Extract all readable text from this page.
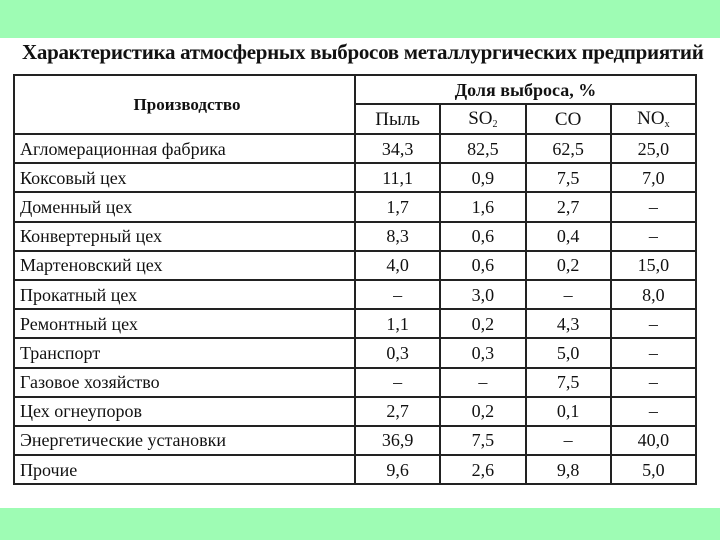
Характеристика атмосферных выбросов металлургических предприятий
Производство	Доля выброса, %			
	Пыль	$SO_2$	CO	$NO_x$
Агломерационная фабрика	34,3	82,5	62,5	25,0
Коксовый цех	11,1	0,9	7,5	7,0
Доменный цех	1,7	1,6	2,7	–
Конвертерный цех	8,3	0,6	0,4	–
Мартеновский цех	4,0	0,6	0,2	15,0
Прокатный цех	–	3,0	–	8,0
Ремонтный цех	1,1	0,2	4,3	–
Транспорт	0,3	0,3	5,0	–
Газовое хозяйство	–	–	7,5	–
Цех огнеупоров	2,7	0,2	0,1	–
Энергетические установки	36,9	7,5	–	40,0
Прочие	9,6	2,6	9,8	5,0
